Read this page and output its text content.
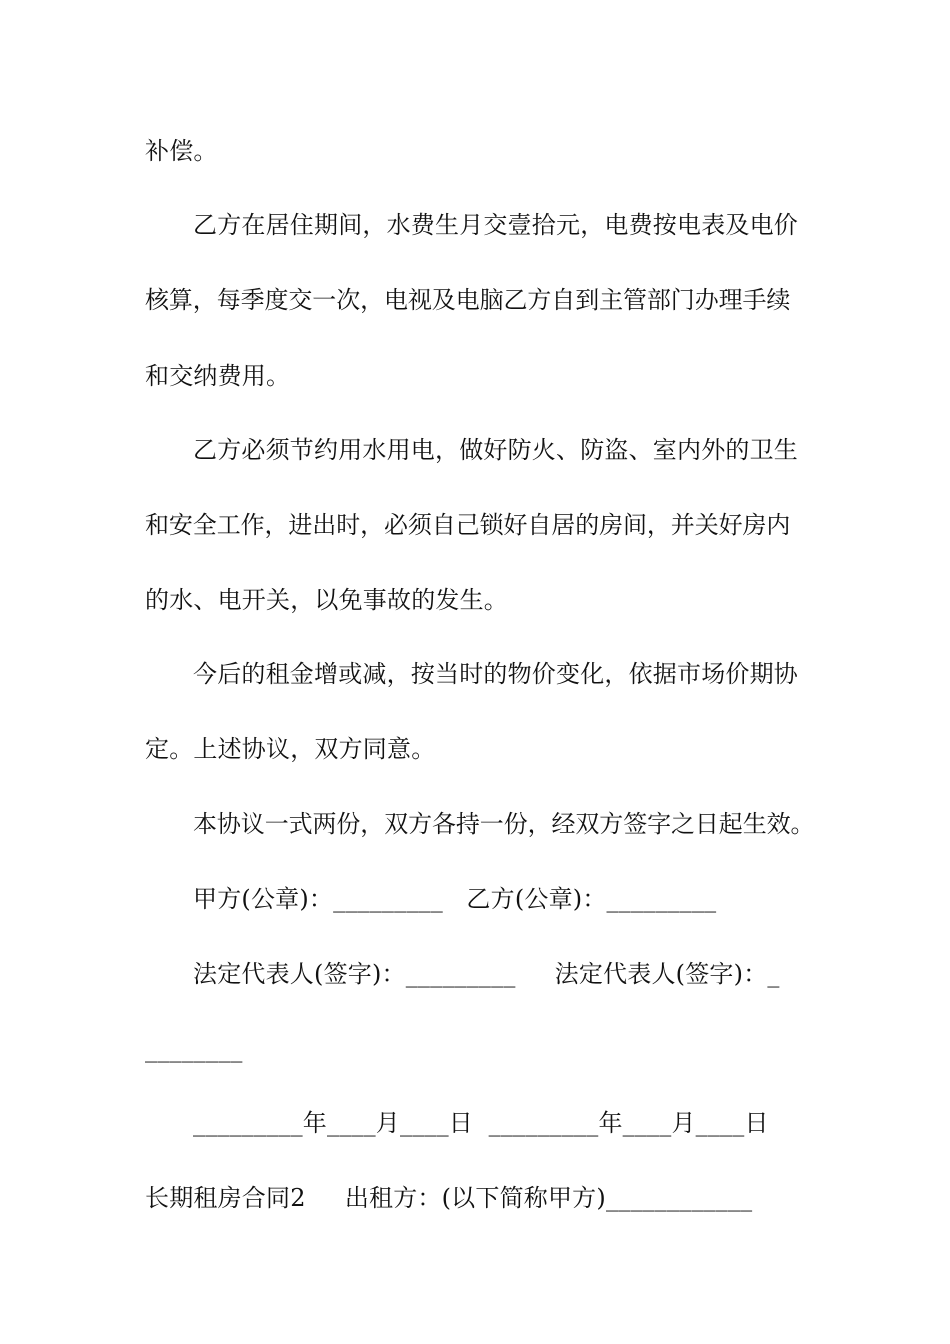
补偿。
乙方在居住期间，水费生月交壹拾元，电费按电表及电价
核算，每季度交一次，电视及电脑乙方自到主管部门办理手续
和交纳费用。
乙方必须节约用水用电，做好防火、防盗、室内外的卫生
和安全工作，进出时，必须自己锁好自居的房间，并关好房内
的水、电开关，以免事故的发生。
今后的租金增或减，按当时的物价变化，依据市场价期协
定。上述协议，双方同意。
本协议一式两份，双方各持一份，经双方签字之日起生效。
甲方(公章)：_________   乙方(公章)：_________
法定代表人(签字)：_________     法定代表人(签字)：_
________
_________年____月____日  _________年____月____日
长期租房合同2     出租方：(以下简称甲方)____________
